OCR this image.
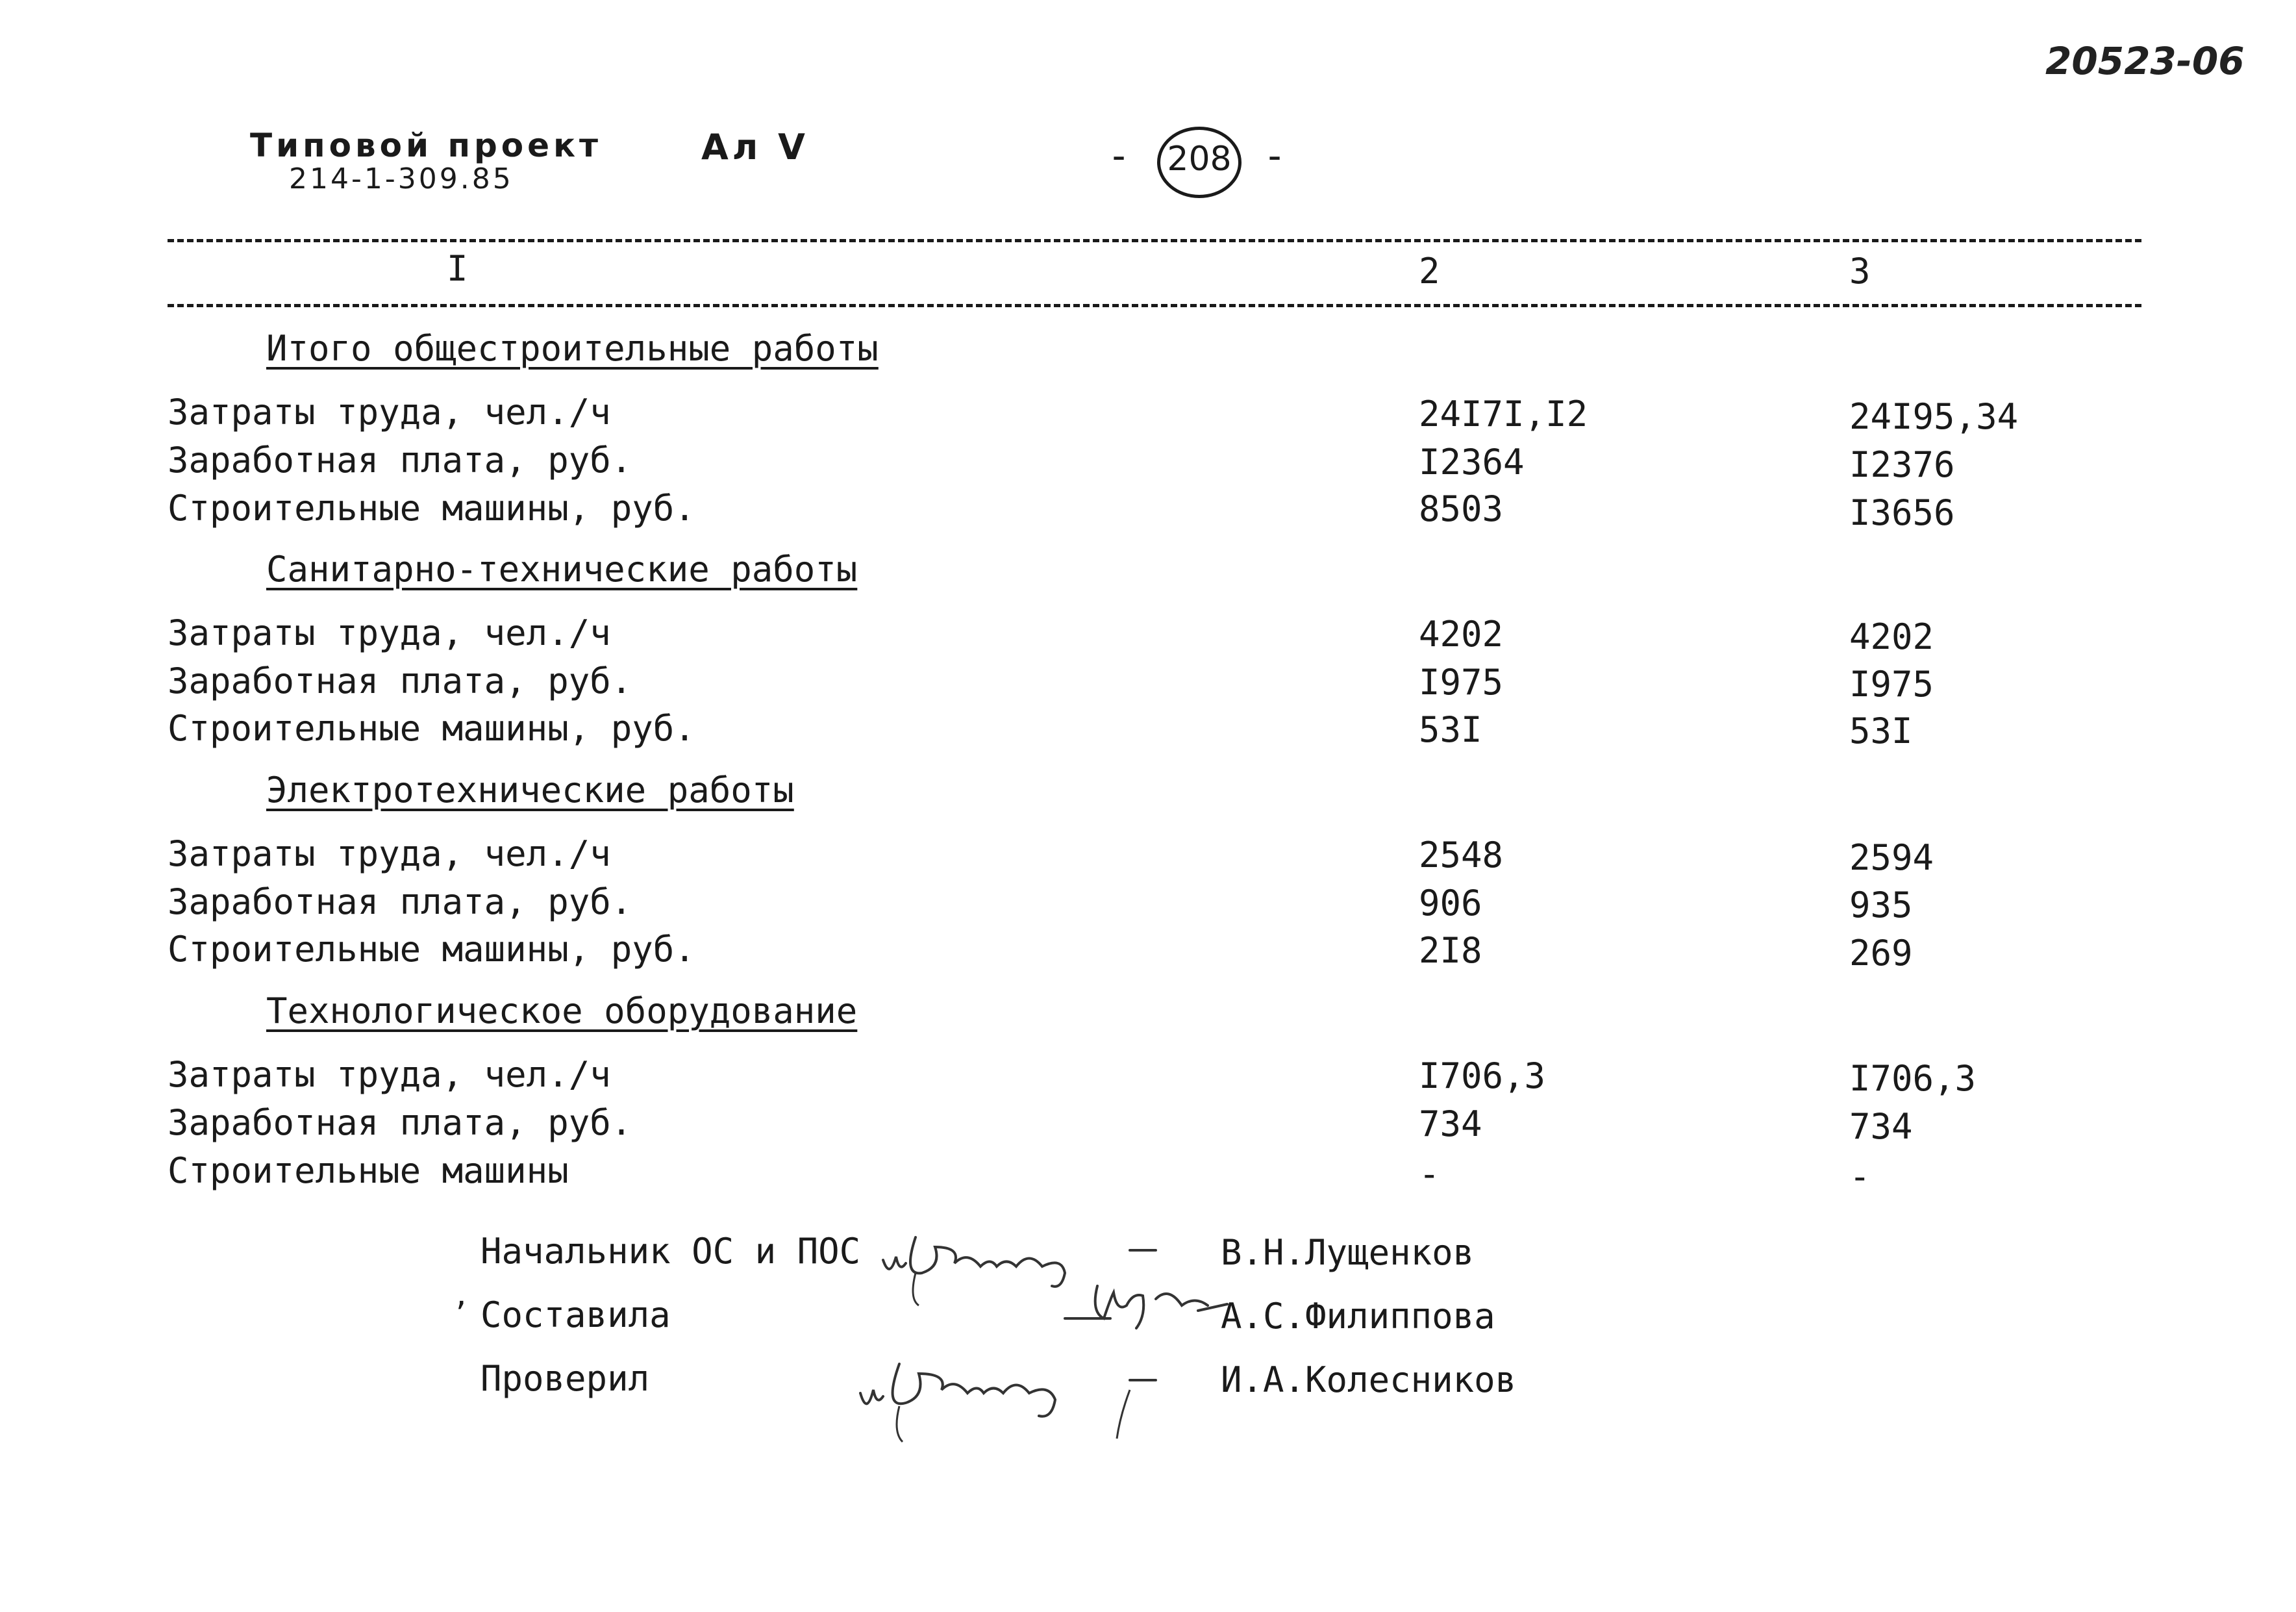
20523-06
Типовой проект
214-1-309.85
Ал V	- 208 -
I	2	3
Итого общестроительные работы
Затраты труда, чел./ч	24I7I,I2	24I95,34
Заработная плата, руб.	I2364	I2376
Строительные машины, руб.	8503	I3656
Санитарно-технические работы
Затраты труда, чел./ч	4202	4202
Заработная плата, руб.	I975	I975
Строительные машины, руб.	53I	53I
Электротехнические работы
Затраты труда, чел./ч	2548	2594
Заработная плата, руб.	906	935
Строительные машины, руб.	2I8	269
Технологическое оборудование
Затраты труда, чел./ч	I706,3	I706,3
Заработная плата, руб.	734	734
Строительные машины	-	-
Начальник ОС и ПОС	В.Н.Лущенков
ʼ Составила	А.С.Филиппова
Проверил	И.А.Колесников
